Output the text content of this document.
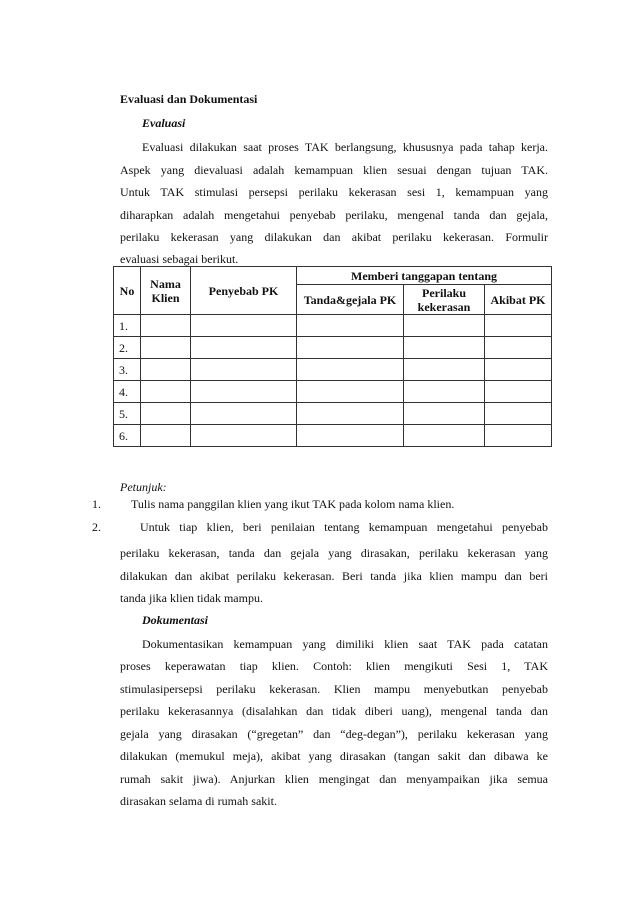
Evaluasi dan Dokumentasi
Evaluasi
Evaluasi dilakukan saat proses TAK berlangsung, khususnya pada tahap kerja.
Aspek yang dievaluasi adalah kemampuan klien sesuai dengan tujuan TAK.
Untuk TAK stimulasi persepsi perilaku kekerasan sesi 1, kemampuan yang
diharapkan adalah mengetahui penyebab perilaku, mengenal tanda dan gejala,
perilaku kekerasan yang dilakukan dan akibat perilaku kekerasan. Formulir
evaluasi sebagai berikut.
No	Nama Klien	Penyebab PK	Memberi tanggapan tentang		
			Tanda&gejala PK	Perilaku kekerasan	Akibat PK
1.					
2.					
3.					
4.					
5.					
6.					
Petunjuk:
1.	Tulis nama panggilan klien yang ikut TAK pada kolom nama klien.
2.	Untuk tiap klien, beri penilaian tentang kemampuan mengetahui penyebab
perilaku kekerasan, tanda dan gejala yang dirasakan, perilaku kekerasan yang
dilakukan dan akibat perilaku kekerasan. Beri tanda jika klien mampu dan beri
tanda jika klien tidak mampu.
Dokumentasi
Dokumentasikan kemampuan yang dimiliki klien saat TAK pada catatan
proses keperawatan tiap klien. Contoh: klien mengikuti Sesi 1, TAK
stimulasipersepsi perilaku kekerasan. Klien mampu menyebutkan penyebab
perilaku kekerasannya (disalahkan dan tidak diberi uang), mengenal tanda dan
gejala yang dirasakan (“gregetan” dan “deg-degan”), perilaku kekerasan yang
dilakukan (memukul meja), akibat yang dirasakan (tangan sakit dan dibawa ke
rumah sakit jiwa). Anjurkan klien mengingat dan menyampaikan jika semua
dirasakan selama di rumah sakit.
